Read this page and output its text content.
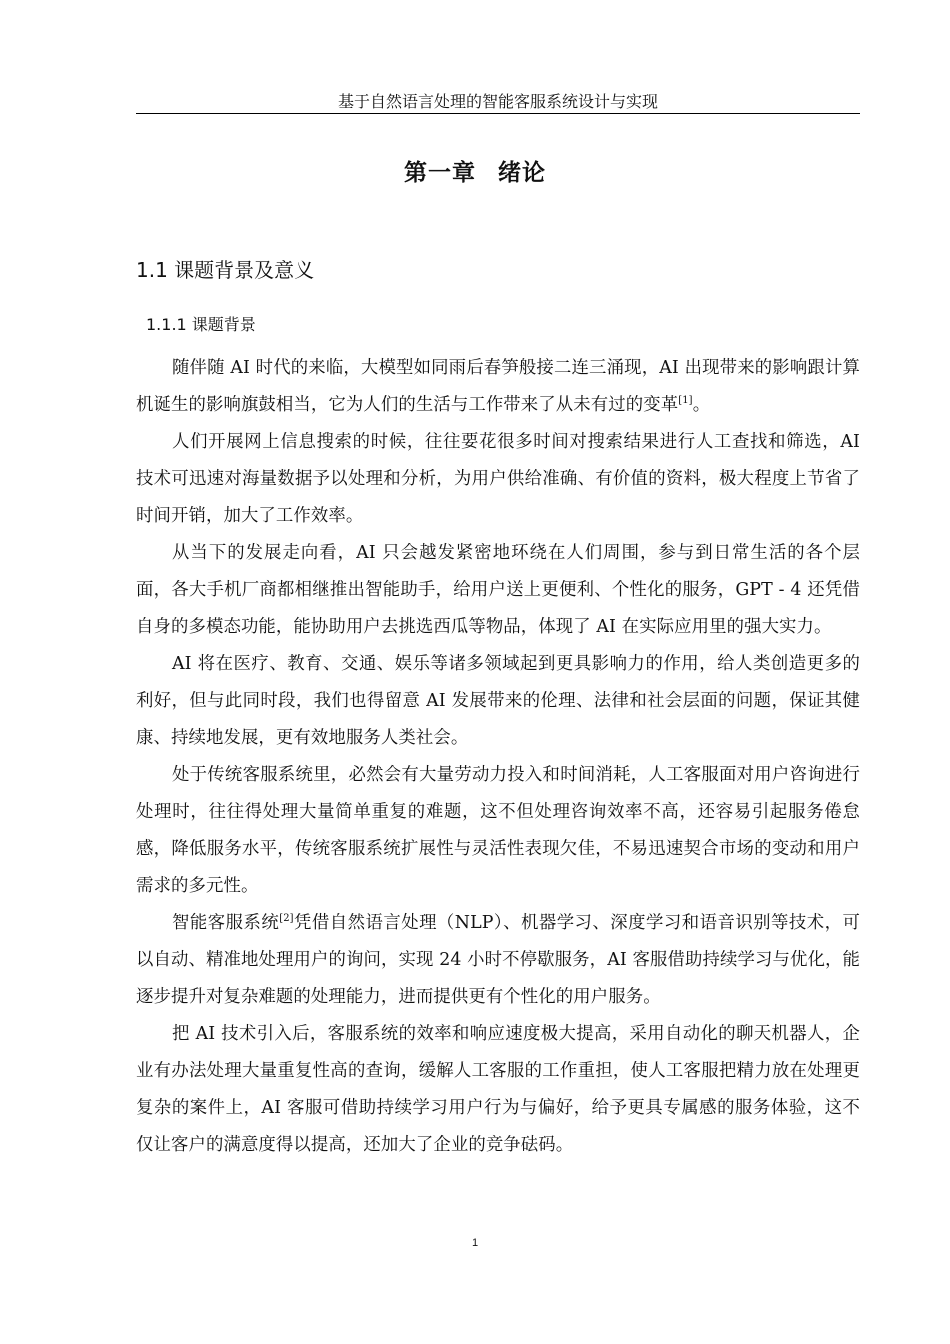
基于自然语言处理的智能客服系统设计与实现
第一章 绪论
1.1 课题背景及意义
1.1.1 课题背景

随伴随 AI 时代的来临，大模型如同雨后春笋般接二连三涌现，AI 出现带来的影响跟计算机诞生的影响旗鼓相当，它为人们的生活与工作带来了从未有过的变革[1]。

人们开展网上信息搜索的时候，往往要花很多时间对搜索结果进行人工查找和筛选，AI 技术可迅速对海量数据予以处理和分析，为用户供给准确、有价值的资料，极大程度上节省了时间开销，加大了工作效率。

从当下的发展走向看，AI 只会越发紧密地环绕在人们周围，参与到日常生活的各个层面，各大手机厂商都相继推出智能助手，给用户送上更便利、个性化的服务，GPT - 4 还凭借自身的多模态功能，能协助用户去挑选西瓜等物品，体现了 AI 在实际应用里的强大实力。

AI 将在医疗、教育、交通、娱乐等诸多领域起到更具影响力的作用，给人类创造更多的利好，但与此同时段，我们也得留意 AI 发展带来的伦理、法律和社会层面的问题，保证其健康、持续地发展，更有效地服务人类社会。

处于传统客服系统里，必然会有大量劳动力投入和时间消耗，人工客服面对用户咨询进行处理时，往往得处理大量简单重复的难题，这不但处理咨询效率不高，还容易引起服务倦怠感，降低服务水平，传统客服系统扩展性与灵活性表现欠佳，不易迅速契合市场的变动和用户需求的多元性。

智能客服系统[2]凭借自然语言处理（NLP）、机器学习、深度学习和语音识别等技术，可以自动、精准地处理用户的询问，实现 24 小时不停歇服务，AI 客服借助持续学习与优化，能逐步提升对复杂难题的处理能力，进而提供更有个性化的用户服务。

把 AI 技术引入后，客服系统的效率和响应速度极大提高，采用自动化的聊天机器人，企业有办法处理大量重复性高的查询，缓解人工客服的工作重担，使人工客服把精力放在处理更复杂的案件上，AI 客服可借助持续学习用户行为与偏好，给予更具专属感的服务体验，这不仅让客户的满意度得以提高，还加大了企业的竞争砝码。

1
